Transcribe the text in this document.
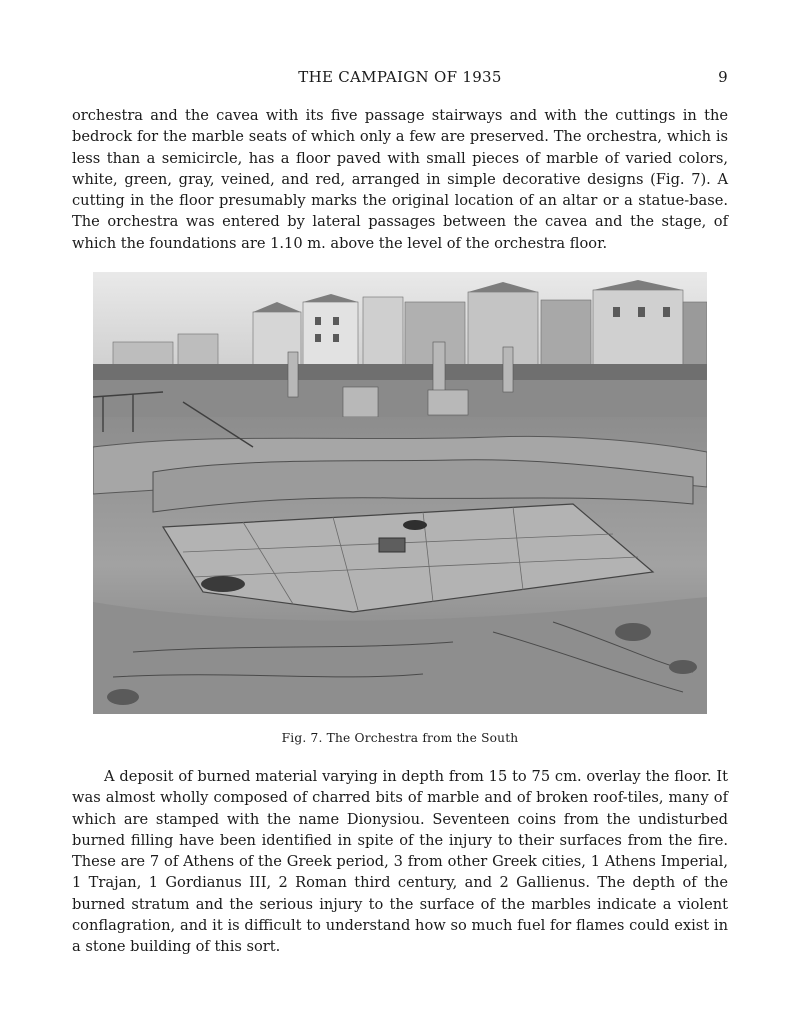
THE CAMPAIGN OF 1935	9

orchestra and the cavea with its five passage stairways and with the cuttings in the bedrock for the marble seats of which only a few are preserved. The orchestra, which is less than a semicircle, has a floor paved with small pieces of marble of varied colors, white, green, gray, veined, and red, arranged in simple decorative designs (Fig. 7). A cutting in the floor presumably marks the original location of an altar or a statue-base. The orchestra was entered by lateral passages between the cavea and the stage, of which the foundations are 1.10 m. above the level of the orchestra floor.

Fig. 7. The Orchestra from the South

A deposit of burned material varying in depth from 15 to 75 cm. overlay the floor. It was almost wholly composed of charred bits of marble and of broken roof-tiles, many of which are stamped with the name Dionysiou. Seventeen coins from the undisturbed burned filling have been identified in spite of the injury to their surfaces from the fire. These are 7 of Athens of the Greek period, 3 from other Greek cities, 1 Athens Imperial, 1 Trajan, 1 Gordianus III, 2 Roman third century, and 2 Gallienus. The depth of the burned stratum and the serious injury to the surface of the marbles indicate a violent conflagration, and it is difficult to understand how so much fuel for flames could exist in a stone building of this sort.
